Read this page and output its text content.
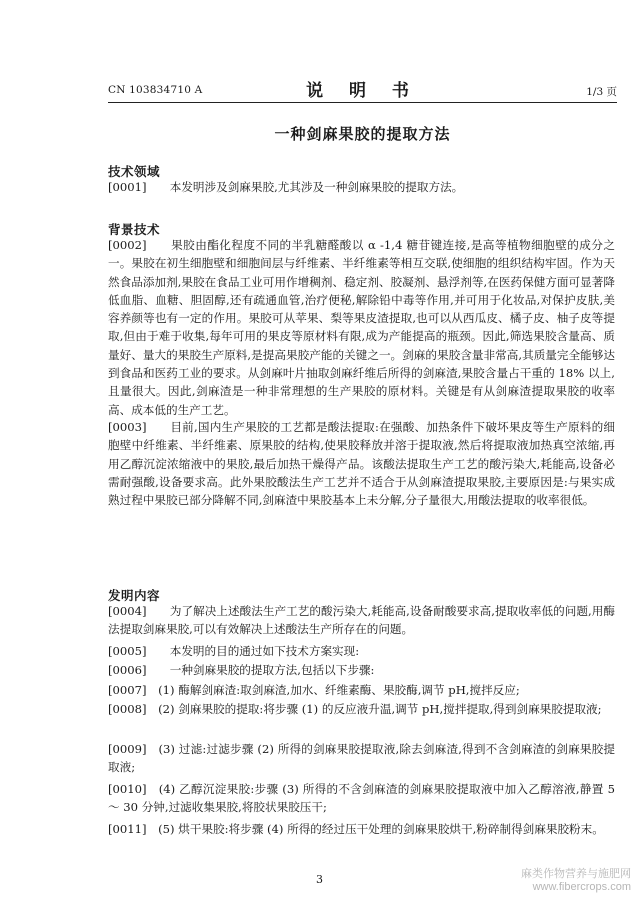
CN 103834710 A	说 明 书	1/3 页
一种剑麻果胶的提取方法
技术领域
[0001]　　本发明涉及剑麻果胶,尤其涉及一种剑麻果胶的提取方法。
背景技术
[0002]　　果胶由酯化程度不同的半乳糖醛酸以 α -1,4 糖苷键连接,是高等植物细胞壁的成分之一。果胶在初生细胞壁和细胞间层与纤维素、半纤维素等相互交联,使细胞的组织结构牢固。作为天然食品添加剂,果胶在食品工业可用作增稠剂、稳定剂、胶凝剂、悬浮剂等,在医药保健方面可显著降低血脂、血糖、胆固醇,还有疏通血管,治疗便秘,解除铅中毒等作用,并可用于化妆品,对保护皮肤,美容养颜等也有一定的作用。果胶可从苹果、梨等果皮渣提取,也可以从西瓜皮、橘子皮、柚子皮等提取,但由于难于收集,每年可用的果皮等原材料有限,成为产能提高的瓶颈。因此,筛选果胶含量高、质量好、量大的果胶生产原料,是提高果胶产能的关键之一。剑麻的果胶含量非常高,其质量完全能够达到食品和医药工业的要求。从剑麻叶片抽取剑麻纤维后所得的剑麻渣,果胶含量占干重的 18% 以上,且量很大。因此,剑麻渣是一种非常理想的生产果胶的原材料。关键是有从剑麻渣提取果胶的收率高、成本低的生产工艺。
[0003]　　目前,国内生产果胶的工艺都是酸法提取:在强酸、加热条件下破坏果皮等生产原料的细胞壁中纤维素、半纤维素、原果胶的结构,使果胶释放并溶于提取液,然后将提取液加热真空浓缩,再用乙醇沉淀浓缩液中的果胶,最后加热干燥得产品。该酸法提取生产工艺的酸污染大,耗能高,设备必需耐强酸,设备要求高。此外果胶酸法生产工艺并不适合于从剑麻渣提取果胶,主要原因是:与果实成熟过程中果胶已部分降解不同,剑麻渣中果胶基本上未分解,分子量很大,用酸法提取的收率很低。
发明内容
[0004]　　为了解决上述酸法生产工艺的酸污染大,耗能高,设备耐酸要求高,提取收率低的问题,用酶法提取剑麻果胶,可以有效解决上述酸法生产所存在的问题。
[0005]　　本发明的目的通过如下技术方案实现:
[0006]　　一种剑麻果胶的提取方法,包括以下步骤:
[0007]　(1) 酶解剑麻渣:取剑麻渣,加水、纤维素酶、果胶酶,调节 pH,搅拌反应;
[0008]　(2) 剑麻果胶的提取:将步骤 (1) 的反应液升温,调节 pH,搅拌提取,得到剑麻果胶提取液;
[0009]　(3) 过滤:过滤步骤 (2) 所得的剑麻果胶提取液,除去剑麻渣,得到不含剑麻渣的剑麻果胶提取液;
[0010]　(4) 乙醇沉淀果胶:步骤 (3) 所得的不含剑麻渣的剑麻果胶提取液中加入乙醇溶液,静置 5 ～ 30 分钟,过滤收集果胶,将胶状果胶压干;
[0011]　(5) 烘干果胶:将步骤 (4) 所得的经过压干处理的剑麻果胶烘干,粉碎制得剑麻果胶粉末。
3	麻类作物营养与施肥网
www.fibercrops.com
